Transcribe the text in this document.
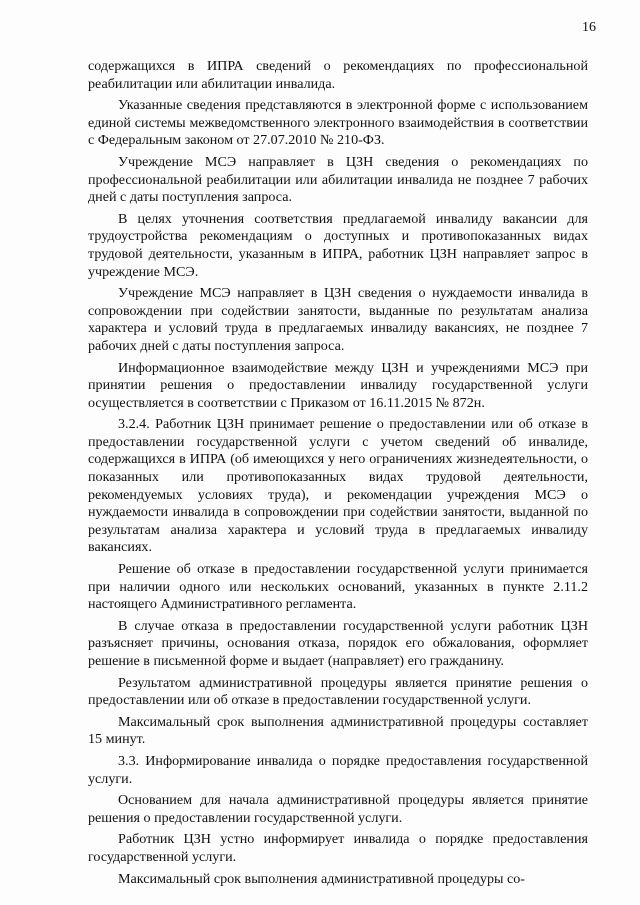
16

содержащихся в ИПРА сведений о рекомендациях по профессиональной реабилитации или абилитации инвалида.

Указанные сведения представляются в электронной форме с использованием единой системы межведомственного электронного взаимодействия в соответствии с Федеральным законом от 27.07.2010 № 210-ФЗ.

Учреждение МСЭ направляет в ЦЗН сведения о рекомендациях по профессиональной реабилитации или абилитации инвалида не позднее 7 рабочих дней с даты поступления запроса.

В целях уточнения соответствия предлагаемой инвалиду вакансии для трудоустройства рекомендациям о доступных и противопоказанных видах трудовой деятельности, указанным в ИПРА, работник ЦЗН направляет запрос в учреждение МСЭ.

Учреждение МСЭ направляет в ЦЗН сведения о нуждаемости инвалида в сопровождении при содействии занятости, выданные по результатам анализа характера и условий труда в предлагаемых инвалиду вакансиях, не позднее 7 рабочих дней с даты поступления запроса.

Информационное взаимодействие между ЦЗН и учреждениями МСЭ при принятии решения о предоставлении инвалиду государственной услуги осуществляется в соответствии с Приказом от 16.11.2015 № 872н.

3.2.4. Работник ЦЗН принимает решение о предоставлении или об отказе в предоставлении государственной услуги с учетом сведений об инвалиде, содержащихся в ИПРА (об имеющихся у него ограничениях жизнедеятельности, о показанных или противопоказанных видах трудовой деятельности, рекомендуемых условиях труда), и рекомендации учреждения МСЭ о нуждаемости инвалида в сопровождении при содействии занятости, выданной по результатам анализа характера и условий труда в предлагаемых инвалиду вакансиях.

Решение об отказе в предоставлении государственной услуги принимается при наличии одного или нескольких оснований, указанных в пункте 2.11.2 настоящего Административного регламента.

В случае отказа в предоставлении государственной услуги работник ЦЗН разъясняет причины, основания отказа, порядок его обжалования, оформляет решение в письменной форме и выдает (направляет) его гражданину.

Результатом административной процедуры является принятие решения о предоставлении или об отказе в предоставлении государственной услуги.

Максимальный срок выполнения административной процедуры составляет 15 минут.

3.3. Информирование инвалида о порядке предоставления государственной услуги.

Основанием для начала административной процедуры является принятие решения о предоставлении государственной услуги.

Работник ЦЗН устно информирует инвалида о порядке предоставления государственной услуги.

Максимальный срок выполнения административной процедуры со-
